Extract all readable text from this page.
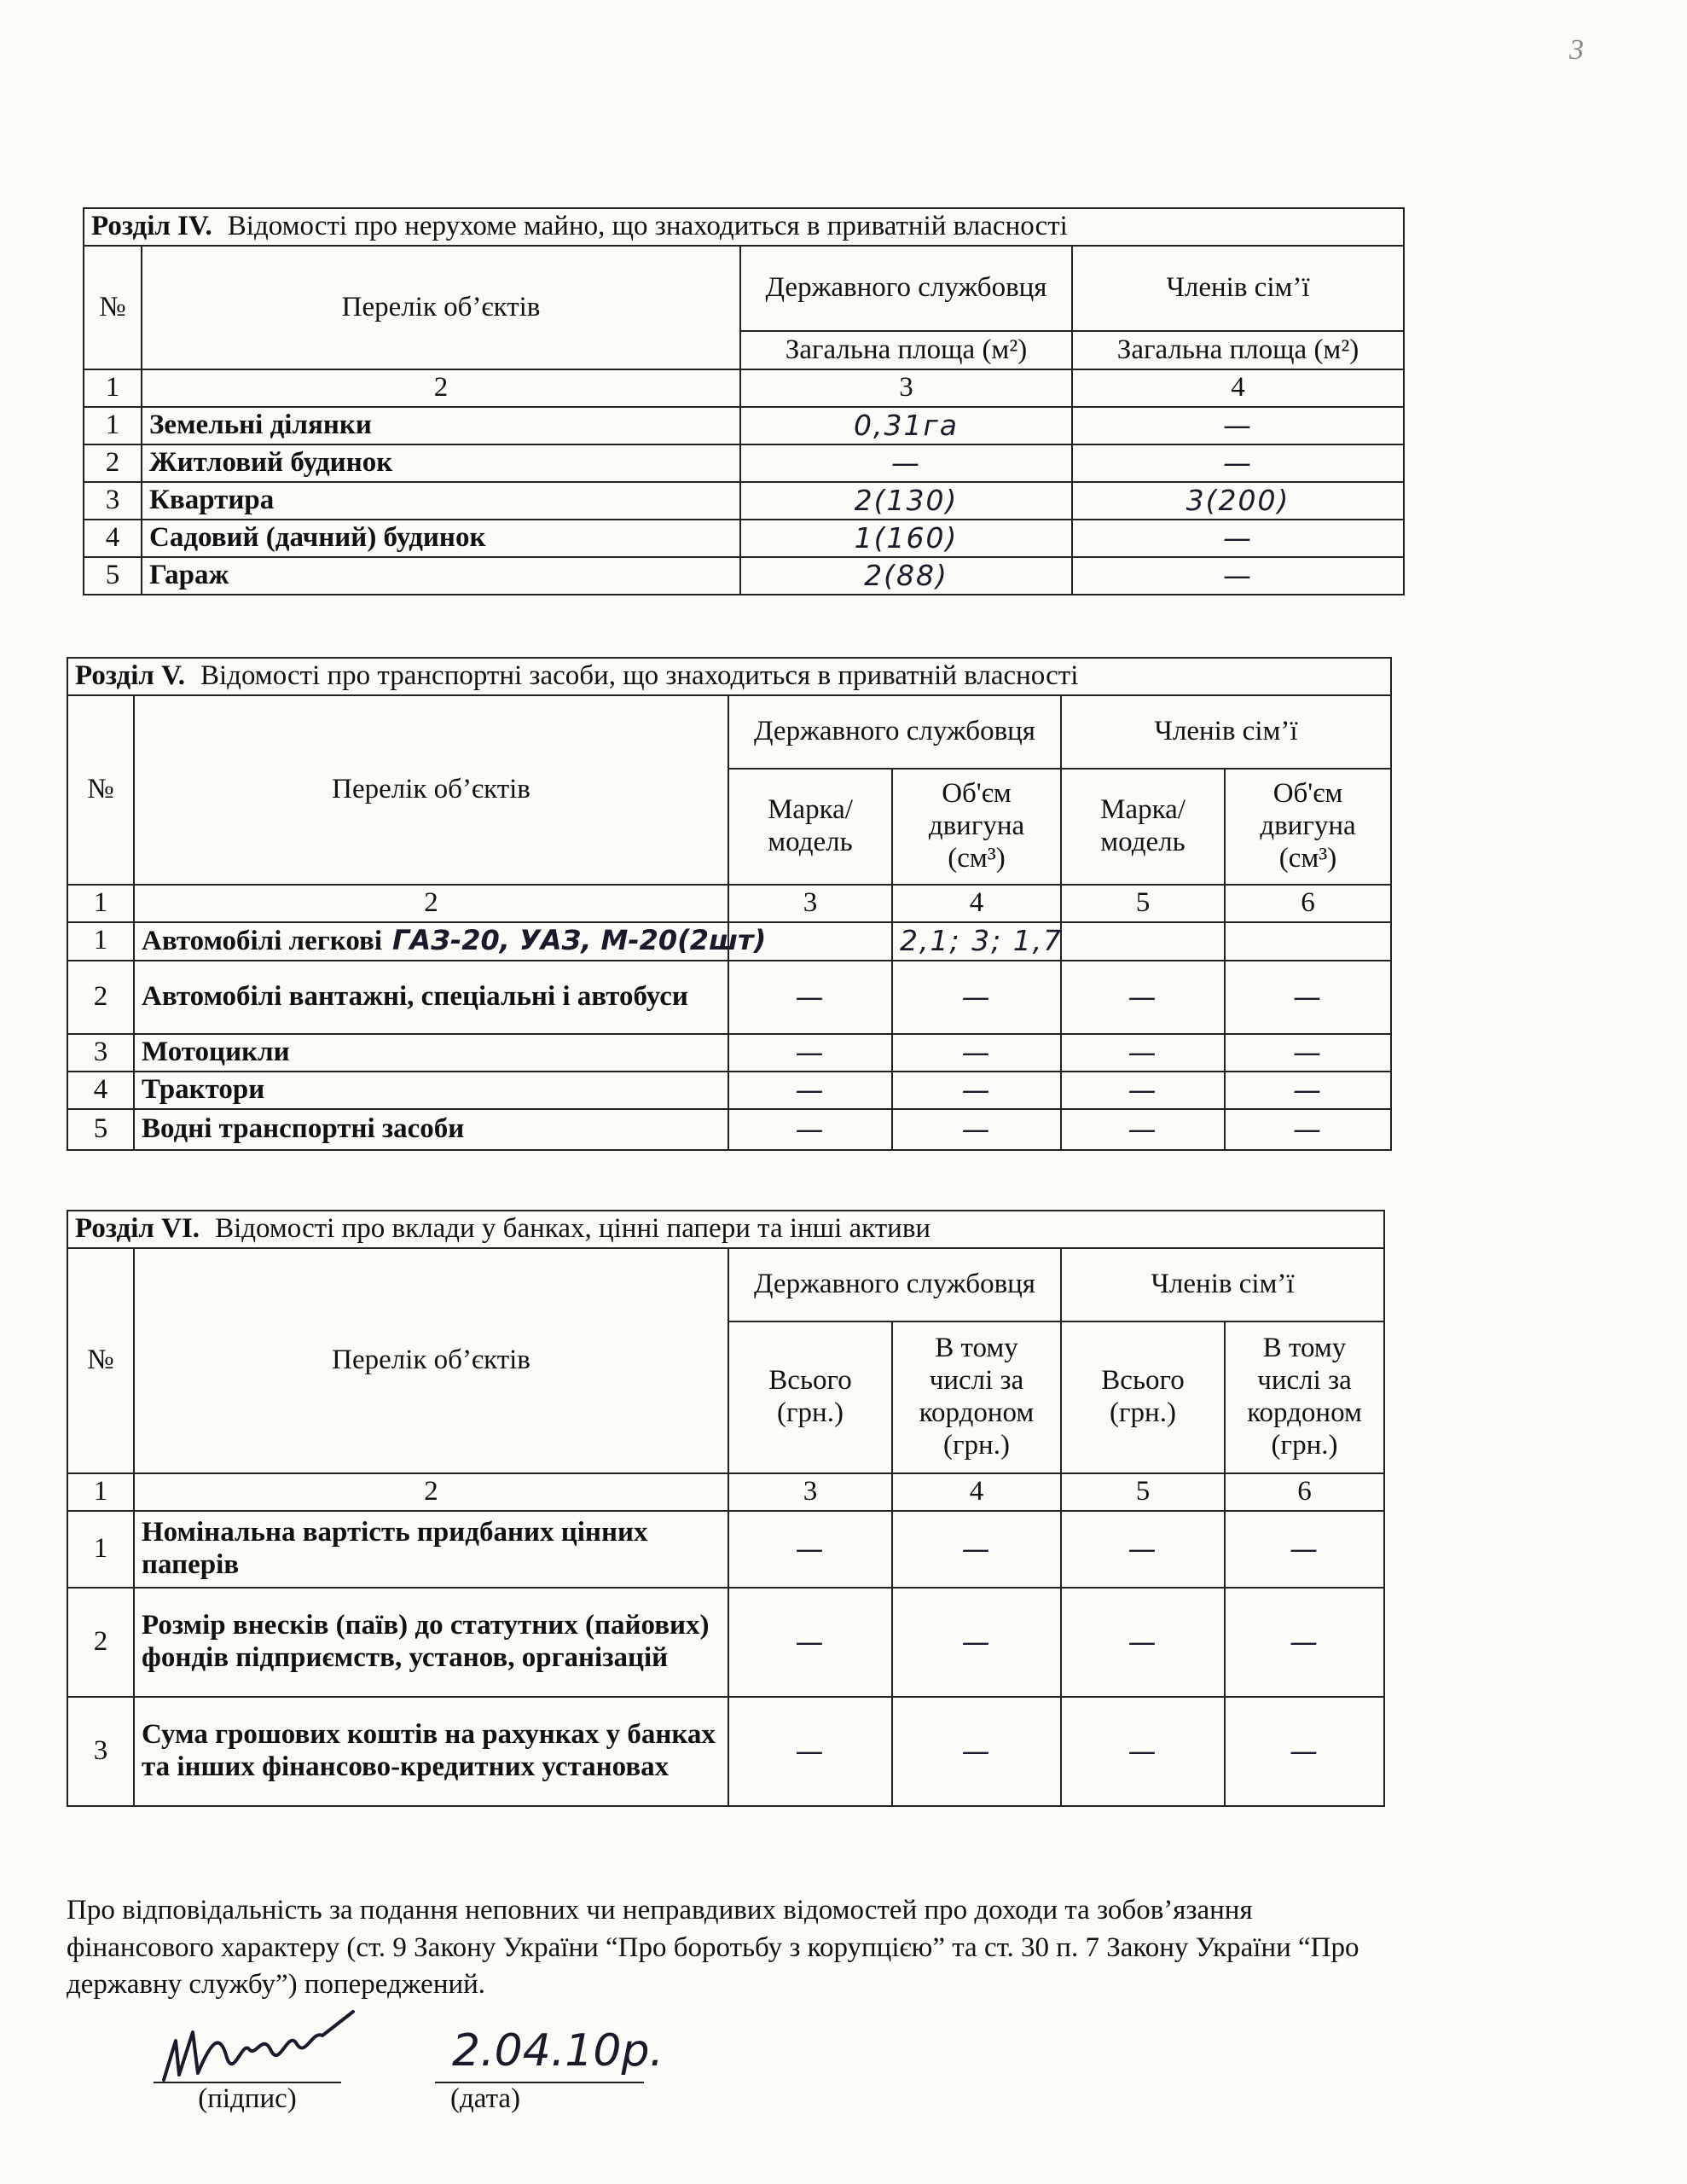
3
Розділ IV. Відомості про нерухоме майно, що знаходиться в приватній власності			
№	Перелік об’єктів	Державного службовця	Членів сім’ї
		Загальна площа (м²)	Загальна площа (м²)
1	2	3	4
1	Земельні ділянки	0,31га	—
2	Житловий будинок	—	—
3	Квартира	2(130)	3(200)
4	Садовий (дачний) будинок	1(160)	—
5	Гараж	2(88)	—
Розділ V. Відомості про транспортні засоби, що знаходиться в приватній власності					
№	Перелік об’єктів	Державного службовця		Членів сім’ї	
		Марка/ модель	Об'єм двигуна (см³)	Марка/ модель	Об'єм двигуна (см³)
1	2	3	4	5	6
1	Автомобілі легкові ГАЗ-20, УАЗ, М-20(2шт)		2,1; 3; 1,7		
2	Автомобілі вантажні, спеціальні і автобуси	—	—	—	—
3	Мотоцикли	—	—	—	—
4	Трактори	—	—	—	—
5	Водні транспортні засоби	—	—	—	—
Розділ VI. Відомості про вклади у банках, цінні папери та інші активи					
№	Перелік об’єктів	Державного службовця		Членів сім’ї	
		Всього (грн.)	В тому числі за кордоном (грн.)	Всього (грн.)	В тому числі за кордоном (грн.)
1	2	3	4	5	6
1	Номінальна вартість придбаних цінних паперів	—	—	—	—
2	Розмір внесків (паїв) до статутних (пайових) фондів підприємств, установ, організацій	—	—	—	—
3	Сума грошових коштів на рахунках у банках та інших фінансово-кредитних установах	—	—	—	—

Про відповідальність за подання неповних чи неправдивих відомостей про доходи та зобов’язання фінансового характеру (ст. 9 Закону України “Про боротьбу з корупцією” та ст. 30 п. 7 Закону України “Про державну службу”) попереджений.

(підпис)
2.04.10р.
(дата)
